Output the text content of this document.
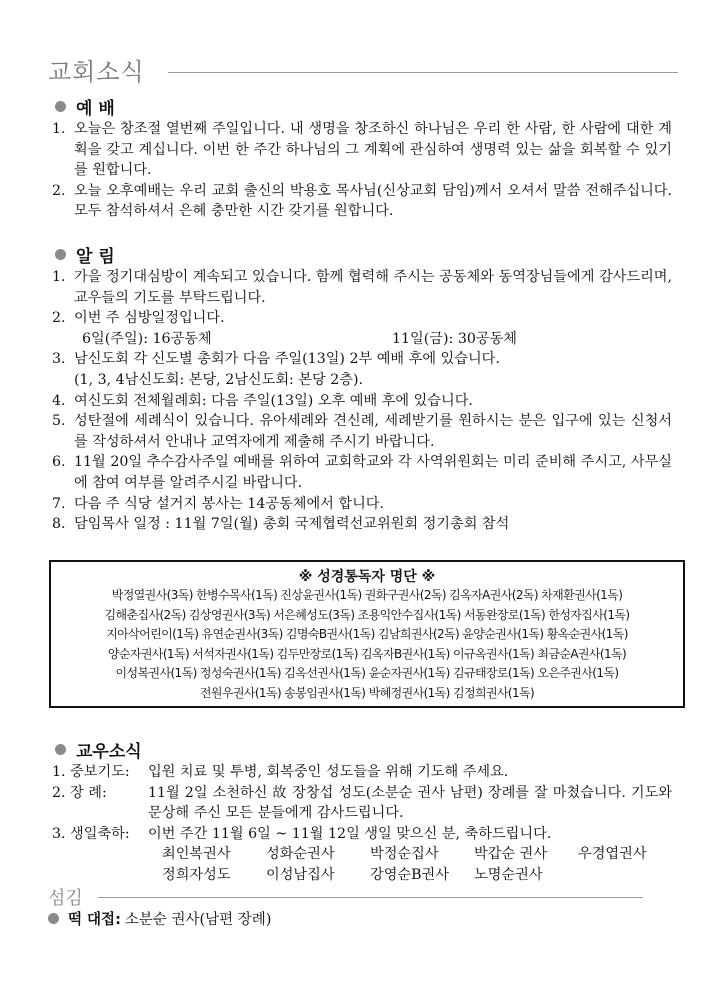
교회소식
예 배
1. 오늘은 창조절 열번째 주일입니다. 내 생명을 창조하신 하나님은 우리 한 사람, 한 사람에 대한 계획을 갖고 계십니다. 이번 한 주간 하나님의 그 계획에 관심하여 생명력 있는 삶을 회복할 수 있기를 원합니다.
2. 오늘 오후예배는 우리 교회 출신의 박용호 목사님(신상교회 담임)께서 오셔서 말씀 전해주십니다. 모두 참석하셔서 은혜 충만한 시간 갖기를 원합니다.
알 림
1. 가을 정기대심방이 계속되고 있습니다. 함께 협력해 주시는 공동체와 동역장님들에게 감사드리며, 교우들의 기도를 부탁드립니다.
2. 이번 주 심방일정입니다.
6일(주일): 16공동체	11일(금): 30공동체
3. 남신도회 각 신도별 총회가 다음 주일(13일) 2부 예배 후에 있습니다.
(1, 3, 4남신도회: 본당, 2남신도회: 본당 2층).
4. 여신도회 전체월례회: 다음 주일(13일) 오후 예배 후에 있습니다.
5. 성탄절에 세례식이 있습니다. 유아세례와 견신례, 세례받기를 원하시는 분은 입구에 있는 신청서를 작성하셔서 안내나 교역자에게 제출해 주시기 바랍니다.
6. 11월 20일 추수감사주일 예배를 위하여 교회학교와 각 사역위원회는 미리 준비해 주시고, 사무실에 참여 여부를 알려주시길 바랍니다.
7. 다음 주 식당 설거지 봉사는 14공동체에서 합니다.
8. 담임목사 일정 : 11월 7일(월) 총회 국제협력선교위원회 정기총회 참석
※ 성경통독자 명단 ※
박정열권사(3독) 한병수목사(1독) 진상윤권사(1독) 권화구권사(2독) 김옥자A권사(2독) 차재환권사(1독)
김해춘집사(2독) 김상영권사(3독) 서은혜성도(3독) 조용익안수집사(1독) 서동완장로(1독) 한성자집사(1독)
지아삭어린이(1독) 유연순권사(3독) 김명숙B권사(1독) 김남희권사(2독) 윤양순권사(1독) 황옥순권사(1독)
양순자권사(1독) 서석자권사(1독) 김두만장로(1독) 김옥자B권사(1독) 이규옥권사(1독) 최금순A권사(1독)
이성복권사(1독) 정성숙권사(1독) 김옥선권사(1독) 윤순자권사(1독) 김규태장로(1독) 오은주권사(1독)
전원우권사(1독) 송봉임권사(1독) 박혜정권사(1독) 김정희권사(1독)
교우소식
1. 중보기도:	입원 치료 및 투병, 회복중인 성도들을 위해 기도해 주세요.
2. 장 례:	11월 2일 소천하신 故 장창섭 성도(소분순 권사 남편) 장례를 잘 마쳤습니다. 기도와 문상해 주신 모든 분들에게 감사드립니다.
3. 생일축하:	이번 주간 11월 6일 ~ 11월 12일 생일 맞으신 분, 축하드립니다.
최인복권사	성화순권사	박정순집사	박갑순 권사	우경엽권사
정희자성도	이성남집사	강영순B권사	노명순권사
섬김
떡 대접: 소분순 권사(남편 장례)
